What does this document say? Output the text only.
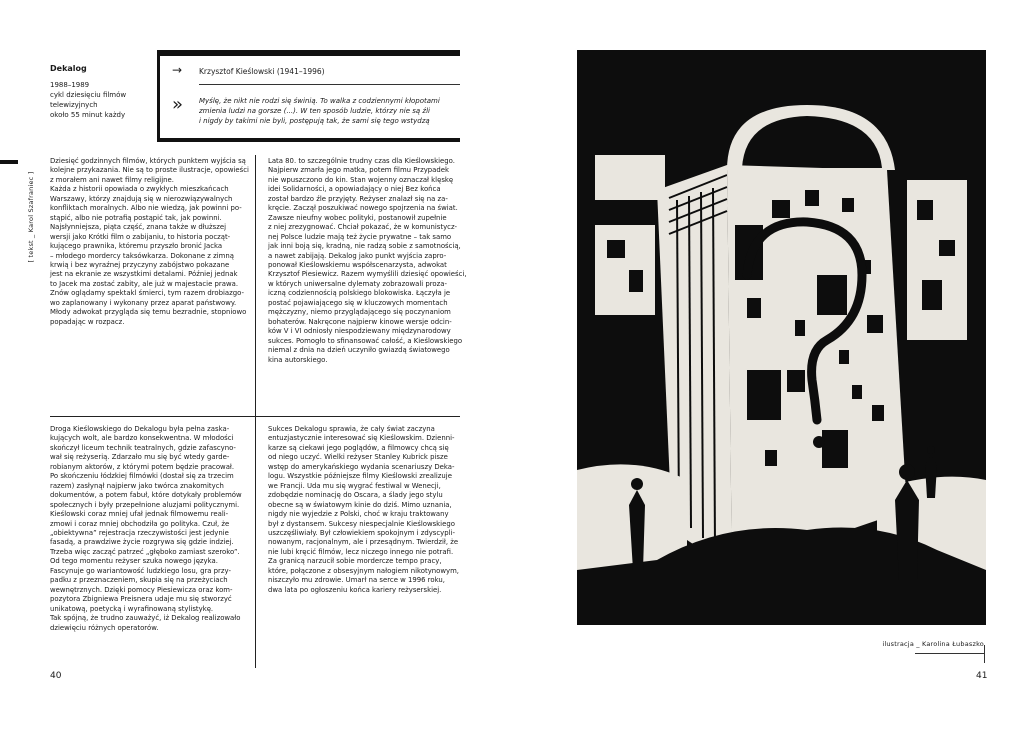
Dekalog
1988–1989
cykl dziesięciu filmów
telewizyjnych
około 55 minut każdy
→ Krzysztof Kieślowski (1941–1996)
» Myślę, że nikt nie rodzi się świnią. To walka z codziennymi kłopotami
zmienia ludzi na gorsze (...). W ten sposób ludzie, którzy nie są źli
i nigdy by takimi nie byli, postępują tak, że sami się tego wstydzą
[ tekst _ Karol Szafraniec ]

Dziesięć godzinnych filmów, których punktem wyjścia są

kolejne przykazania. Nie są to proste ilustracje, opowieści

z morałem ani nawet filmy religijne.

Każda z historii opowiada o zwykłych mieszkańcach

Warszawy, którzy znajdują się w nierozwiązywalnych

konfliktach moralnych. Albo nie wiedzą, jak powinni po-

stąpić, albo nie potrafią postąpić tak, jak powinni.

Najsłynniejsza, piąta część, znana także w dłuższej

wersji jako Krótki film o zabijaniu, to historia począt-

kującego prawnika, któremu przyszło bronić Jacka

– młodego mordercy taksówkarza. Dokonane z zimną

krwią i bez wyraźnej przyczyny zabójstwo pokazane

jest na ekranie ze wszystkimi detalami. Później jednak

to Jacek ma zostać zabity, ale już w majestacie prawa.

Znów oglądamy spektakl śmierci, tym razem drobiazgo-

wo zaplanowany i wykonany przez aparat państwowy.

Młody adwokat przygląda się temu bezradnie, stopniowo

popadając w rozpacz.

Lata 80. to szczególnie trudny czas dla Kieślowskiego.

Najpierw zmarła jego matka, potem filmu Przypadek

nie wpuszczono do kin. Stan wojenny oznaczał klęskę

idei Solidarności, a opowiadający o niej Bez końca

został bardzo źle przyjęty. Reżyser znalazł się na za-

kręcie. Zaczął poszukiwać nowego spojrzenia na świat.

Zawsze nieufny wobec polityki, postanowił zupełnie

z niej zrezygnować. Chciał pokazać, że w komunistycz-

nej Polsce ludzie mają też życie prywatne – tak samo

jak inni boją się, kradną, nie radzą sobie z samotnością,

a nawet zabijają. Dekalog jako punkt wyjścia zapro-

ponował Kieślowskiemu współscenarzysta, adwokat

Krzysztof Piesiewicz. Razem wymyślili dziesięć opowieści,

w których uniwersalne dylematy zobrazowali proza-

iczną codziennością polskiego blokowiska. Łączyła je

postać pojawiającego się w kluczowych momentach

mężczyzny, niemo przyglądającego się poczynaniom

bohaterów. Nakręcone najpierw kinowe wersje odcin-

ków V i VI odniosły niespodziewany międzynarodowy

sukces. Pomogło to sfinansować całość, a Kieślowskiego

niemal z dnia na dzień uczyniło gwiazdą światowego

kina autorskiego.

Droga Kieślowskiego do Dekalogu była pełna zaska-

kujących wolt, ale bardzo konsekwentna. W młodości

skończył liceum technik teatralnych, gdzie zafascyno-

wał się reżyserią. Zdarzało mu się być wtedy garde-

robianym aktorów, z którymi potem będzie pracował.

Po skończeniu łódzkiej filmówki (dostał się za trzecim

razem) zasłynął najpierw jako twórca znakomitych

dokumentów, a potem fabuł, które dotykały problemów

społecznych i były przepełnione aluzjami politycznymi.

Kieślowski coraz mniej ufał jednak filmowemu reali-

zmowi i coraz mniej obchodziła go polityka. Czuł, że

„obiektywna” rejestracja rzeczywistości jest jedynie

fasadą, a prawdziwe życie rozgrywa się gdzie indziej.

Trzeba więc zacząć patrzeć „głęboko zamiast szeroko”.

Od tego momentu reżyser szuka nowego języka.

Fascynuje go wariantowość ludzkiego losu, gra przy-

padku z przeznaczeniem, skupia się na przeżyciach

wewnętrznych. Dzięki pomocy Piesiewicza oraz kom-

pozytora Zbigniewa Preisnera udaje mu się stworzyć

unikatową, poetycką i wyrafinowaną stylistykę.

Tak spójną, że trudno zauważyć, iż Dekalog realizowało

dziewięciu różnych operatorów.

Sukces Dekalogu sprawia, że cały świat zaczyna

entuzjastycznie interesować się Kieślowskim. Dzienni-

karze są ciekawi jego poglądów, a filmowcy chcą się

od niego uczyć. Wielki reżyser Stanley Kubrick pisze

wstęp do amerykańskiego wydania scenariuszy Deka-

logu. Wszystkie późniejsze filmy Kieślowski zrealizuje

we Francji. Uda mu się wygrać festiwal w Wenecji,

zdobędzie nominację do Oscara, a ślady jego stylu

obecne są w światowym kinie do dziś. Mimo uznania,

nigdy nie wyjedzie z Polski, choć w kraju traktowany

był z dystansem. Sukcesy niespecjalnie Kieślowskiego

uszczęśliwiały. Był człowiekiem spokojnym i zdyscypli-

nowanym, racjonalnym, ale i przesądnym. Twierdził, że

nie lubi kręcić filmów, lecz niczego innego nie potrafi.

Za granicą narzucił sobie mordercze tempo pracy,

które, połączone z obsesyjnym nałogiem nikotynowym,

niszczyło mu zdrowie. Umarł na serce w 1996 roku,

dwa lata po ogłoszeniu końca kariery reżyserskiej.

40	41
ilustracja _ Karolina Łubaszko
